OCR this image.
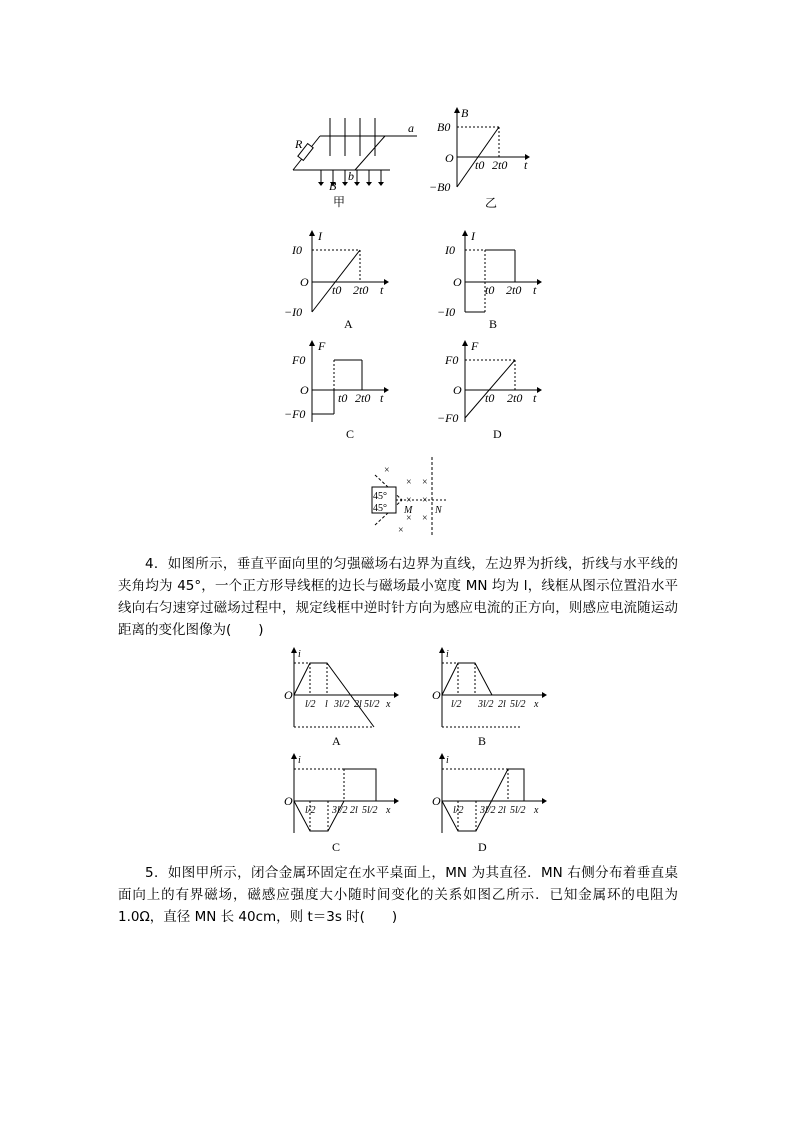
R
a
b
B
甲
B
t
O
B0
−B0
t0 2t0
乙
I
t
O
I0
−I0
t0 2t0
A
I
t
O
I0
−I0
t0 2t0
B
F
t
O
F0
−F0
t0 2t0
C
F
t
O
F0
−F0
t0 2t0
D
45°
45°
×
× ×
× ×
× ×
×
M N

4．如图所示，垂直平面向里的匀强磁场右边界为直线，左边界为折线，折线与水平线的夹角均为 45°，一个正方形导线框的边长与磁场最小宽度 MN 均为 l，线框从图示位置沿水平线向右匀速穿过磁场过程中，规定线框中逆时针方向为感应电流的正方向，则感应电流随运动距离的变化图像为(　　)

i
O
l/2 l 3l/2 2l 5l/2 x
A
i
O
l/2 3l/2 2l 5l/2 x
B
i
O
l/2 3l/2 2l 5l/2 x
C
i
O
l/2 3l/2 2l 5l/2 x
D

5．如图甲所示，闭合金属环固定在水平桌面上，MN 为其直径．MN 右侧分布着垂直桌面向上的有界磁场，磁感应强度大小随时间变化的关系如图乙所示．已知金属环的电阻为1.0Ω，直径 MN 长 40cm，则 t＝3s 时(　　)
